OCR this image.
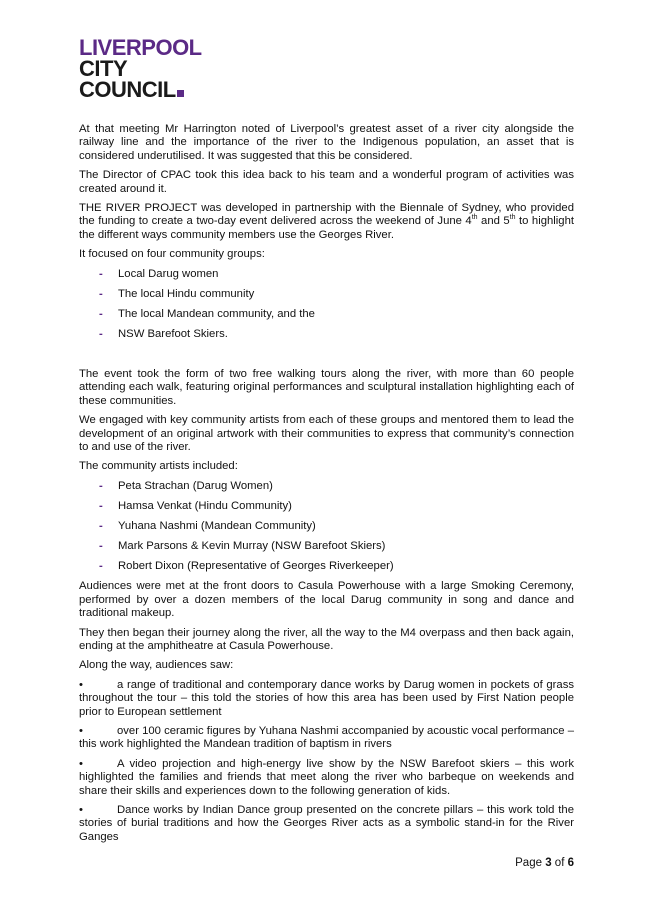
LIVERPOOL
CITY
COUNCIL

At that meeting Mr Harrington noted of Liverpool’s greatest asset of a river city alongside the railway line and the importance of the river to the Indigenous population, an asset that is considered underutilised. It was suggested that this be considered.

The Director of CPAC took this idea back to his team and a wonderful program of activities was created around it.

THE RIVER PROJECT was developed in partnership with the Biennale of Sydney, who provided the funding to create a two-day event delivered across the weekend of June 4th and 5th to highlight the different ways community members use the Georges River.

It focused on four community groups:

- Local Darug women
- The local Hindu community
- The local Mandean community, and the
- NSW Barefoot Skiers.

The event took the form of two free walking tours along the river, with more than 60 people attending each walk, featuring original performances and sculptural installation highlighting each of these communities.

We engaged with key community artists from each of these groups and mentored them to lead the development of an original artwork with their communities to express that community’s connection to and use of the river.

The community artists included:

- Peta Strachan (Darug Women)
- Hamsa Venkat (Hindu Community)
- Yuhana Nashmi (Mandean Community)
- Mark Parsons & Kevin Murray (NSW Barefoot Skiers)
- Robert Dixon (Representative of Georges Riverkeeper)

Audiences were met at the front doors to Casula Powerhouse with a large Smoking Ceremony, performed by over a dozen members of the local Darug community in song and dance and traditional makeup.

They then began their journey along the river, all the way to the M4 overpass and then back again, ending at the amphitheatre at Casula Powerhouse.

Along the way, audiences saw:

•	a range of traditional and contemporary dance works by Darug women in pockets of grass throughout the tour – this told the stories of how this area has been used by First Nation people prior to European settlement

•	over 100 ceramic figures by Yuhana Nashmi accompanied by acoustic vocal performance – this work highlighted the Mandean tradition of baptism in rivers

•	A video projection and high-energy live show by the NSW Barefoot skiers – this work highlighted the families and friends that meet along the river who barbeque on weekends and share their skills and experiences down to the following generation of kids.

•	Dance works by Indian Dance group presented on the concrete pillars – this work told the stories of burial traditions and how the Georges River acts as a symbolic stand-in for the River Ganges

Page 3 of 6
